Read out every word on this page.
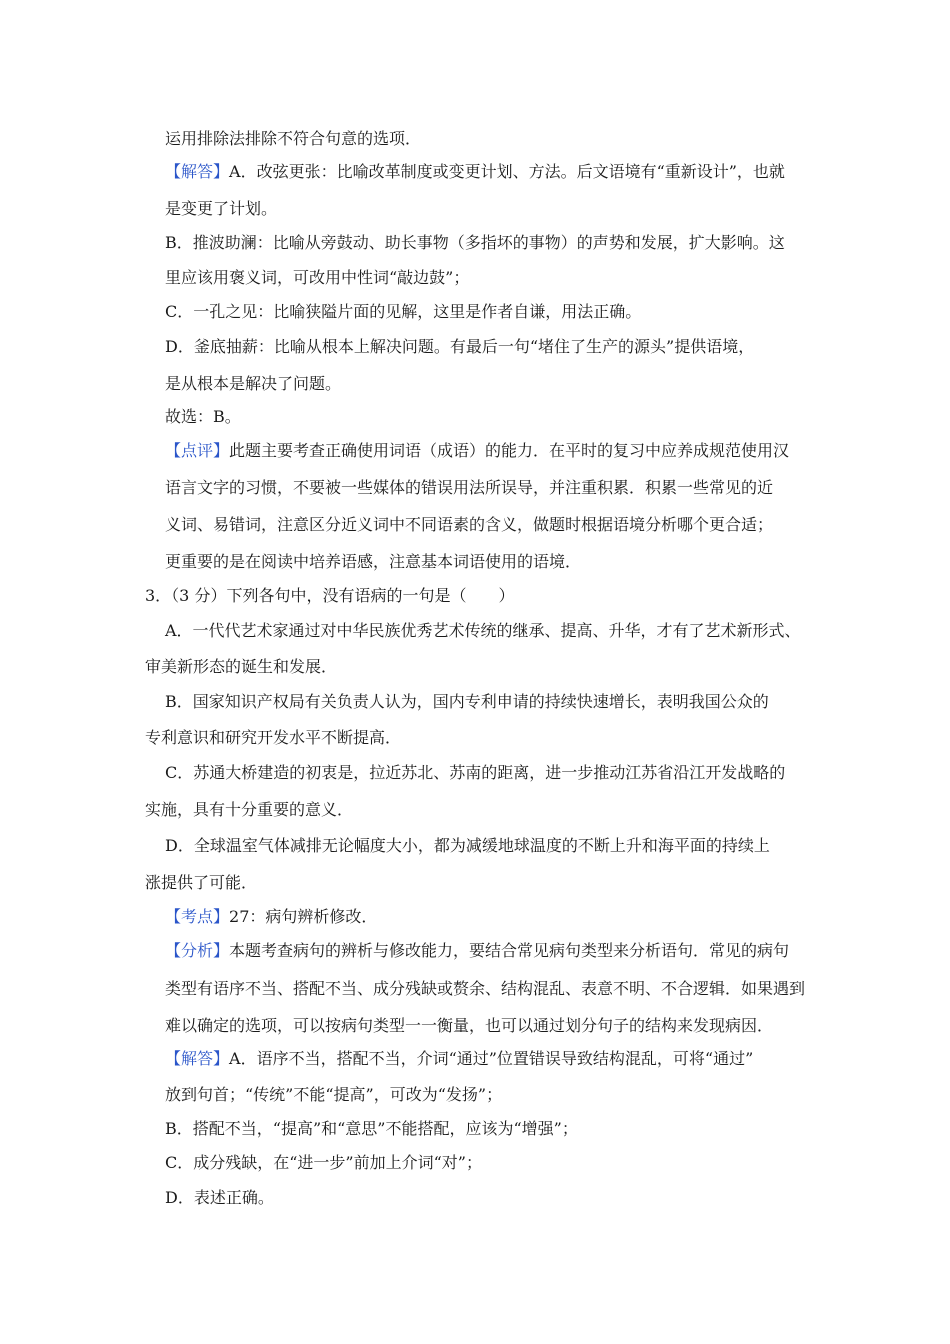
运用排除法排除不符合句意的选项．
【解答】A．改弦更张：比喻改革制度或变更计划、方法。后文语境有“重新设计”，也就
是变更了计划。
B．推波助澜：比喻从旁鼓动、助长事物（多指坏的事物）的声势和发展，扩大影响。这
里应该用褒义词，可改用中性词“敲边鼓”；
C．一孔之见：比喻狭隘片面的见解，这里是作者自谦，用法正确。
D．釜底抽薪：比喻从根本上解决问题。有最后一句“堵住了生产的源头”提供语境，
是从根本是解决了问题。
故选：B。
【点评】此题主要考查正确使用词语（成语）的能力．在平时的复习中应养成规范使用汉
语言文字的习惯，不要被一些媒体的错误用法所误导，并注重积累．积累一些常见的近
义词、易错词，注意区分近义词中不同语素的含义，做题时根据语境分析哪个更合适；
更重要的是在阅读中培养语感，注意基本词语使用的语境．
3．（3 分）下列各句中，没有语病的一句是（　　）
A．一代代艺术家通过对中华民族优秀艺术传统的继承、提高、升华，才有了艺术新形式、
审美新形态的诞生和发展．
B．国家知识产权局有关负责人认为，国内专利申请的持续快速增长，表明我国公众的
专利意识和研究开发水平不断提高．
C．苏通大桥建造的初衷是，拉近苏北、苏南的距离，进一步推动江苏省沿江开发战略的
实施，具有十分重要的意义．
D．全球温室气体减排无论幅度大小，都为减缓地球温度的不断上升和海平面的持续上
涨提供了可能．
【考点】27：病句辨析修改．
【分析】本题考查病句的辨析与修改能力，要结合常见病句类型来分析语句．常见的病句
类型有语序不当、搭配不当、成分残缺或赘余、结构混乱、表意不明、不合逻辑．如果遇到
难以确定的选项，可以按病句类型一一衡量，也可以通过划分句子的结构来发现病因．
【解答】A．语序不当，搭配不当，介词“通过”位置错误导致结构混乱，可将“通过”
放到句首；“传统”不能“提高”，可改为“发扬”；
B．搭配不当，“提高”和“意思”不能搭配，应该为“增强”；
C．成分残缺，在“进一步”前加上介词“对”；
D．表述正确。
